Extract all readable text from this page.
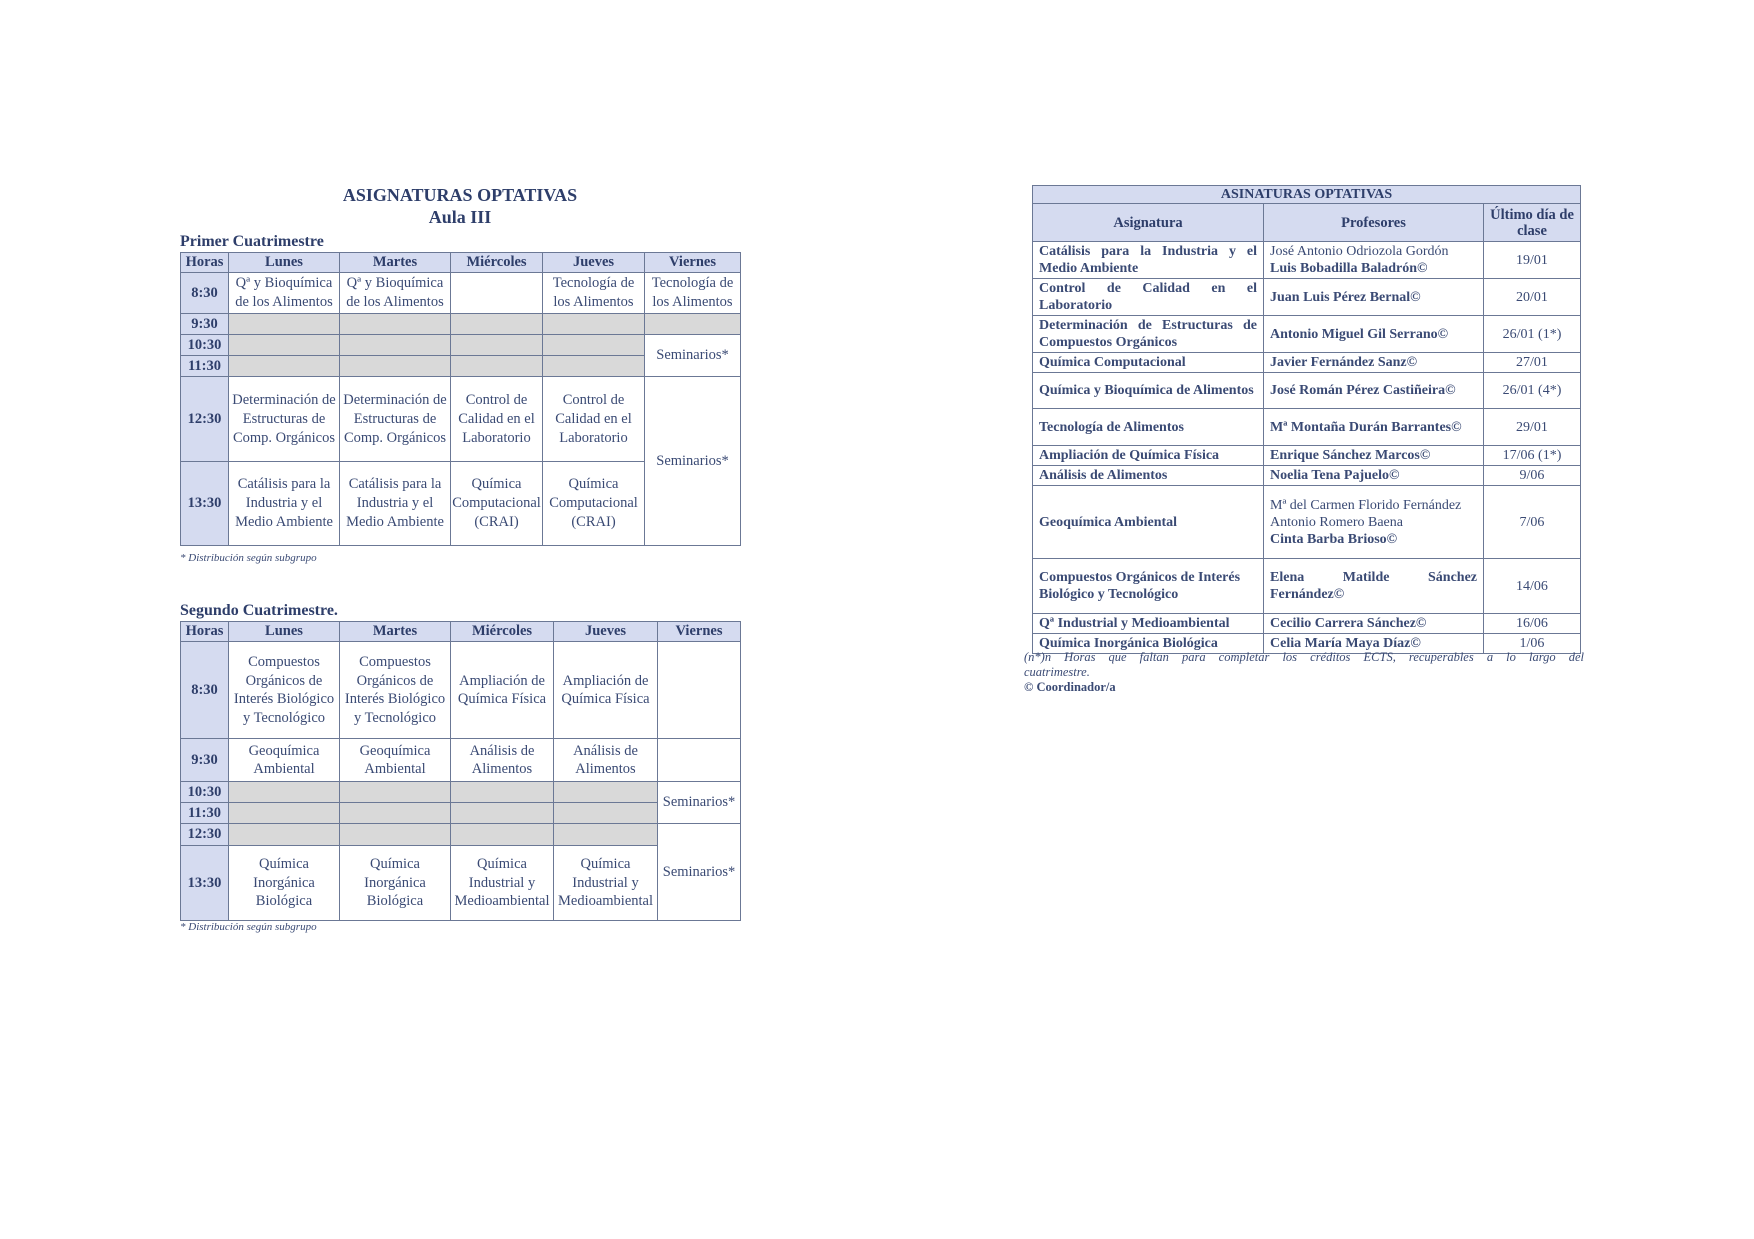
ASIGNATURAS OPTATIVAS
Aula III
Primer Cuatrimestre
Horas	Lunes	Martes	Miércoles	Jueves	Viernes
8:30	Qª y Bioquímica de los Alimentos	Qª y Bioquímica de los Alimentos		Tecnología de los Alimentos	Tecnología de los Alimentos
9:30					
10:30					Seminarios*
11:30					
12:30	Determinación de Estructuras de Comp. Orgánicos	Determinación de Estructuras de Comp. Orgánicos	Control de Calidad en el Laboratorio	Control de Calidad en el Laboratorio	Seminarios*
13:30	Catálisis para la Industria y el Medio Ambiente	Catálisis para la Industria y el Medio Ambiente	Química Computacional (CRAI)	Química Computacional (CRAI)	
* Distribución según subgrupo
Segundo Cuatrimestre.
Horas	Lunes	Martes	Miércoles	Jueves	Viernes
8:30	Compuestos Orgánicos de Interés Biológico y Tecnológico	Compuestos Orgánicos de Interés Biológico y Tecnológico	Ampliación de Química Física	Ampliación de Química Física	
9:30	Geoquímica Ambiental	Geoquímica Ambiental	Análisis de Alimentos	Análisis de Alimentos	
10:30					Seminarios*
11:30					
12:30					Seminarios*
13:30	Química Inorgánica Biológica	Química Inorgánica Biológica	Química Industrial y Medioambiental	Química Industrial y Medioambiental	
* Distribución según subgrupo
ASINATURAS OPTATIVAS		
Asignatura	Profesores	Último día de clase
Catálisis para la Industria y el Medio Ambiente	José Antonio Odriozola Gordón
Luis Bobadilla Baladrón©	19/01
Control de Calidad en el Laboratorio	Juan Luis Pérez Bernal©	20/01
Determinación de Estructuras de Compuestos Orgánicos	Antonio Miguel Gil Serrano©	26/01 (1*)
Química Computacional	Javier Fernández Sanz©	27/01
Química y Bioquímica de Alimentos	José Román Pérez Castiñeira©	26/01 (4*)
Tecnología de Alimentos	Mª Montaña Durán Barrantes©	29/01
Ampliación de Química Física	Enrique Sánchez Marcos©	17/06 (1*)
Análisis de Alimentos	Noelia Tena Pajuelo©	9/06
Geoquímica Ambiental	Mª del Carmen Florido Fernández
Antonio Romero Baena
Cinta Barba Brioso©	7/06

Compuestos Orgánicos de Interés
Biológico y Tecnológico	Elena Matilde Sánchez Fernández©	14/06
Qª Industrial y Medioambiental	Cecilio Carrera Sánchez©	16/06
Química Inorgánica Biológica	Celia María Maya Díaz©	1/06

(n*)n Horas que faltan para completar los créditos ECTS, recuperables a lo largo del

cuatrimestre.

© Coordinador/a
